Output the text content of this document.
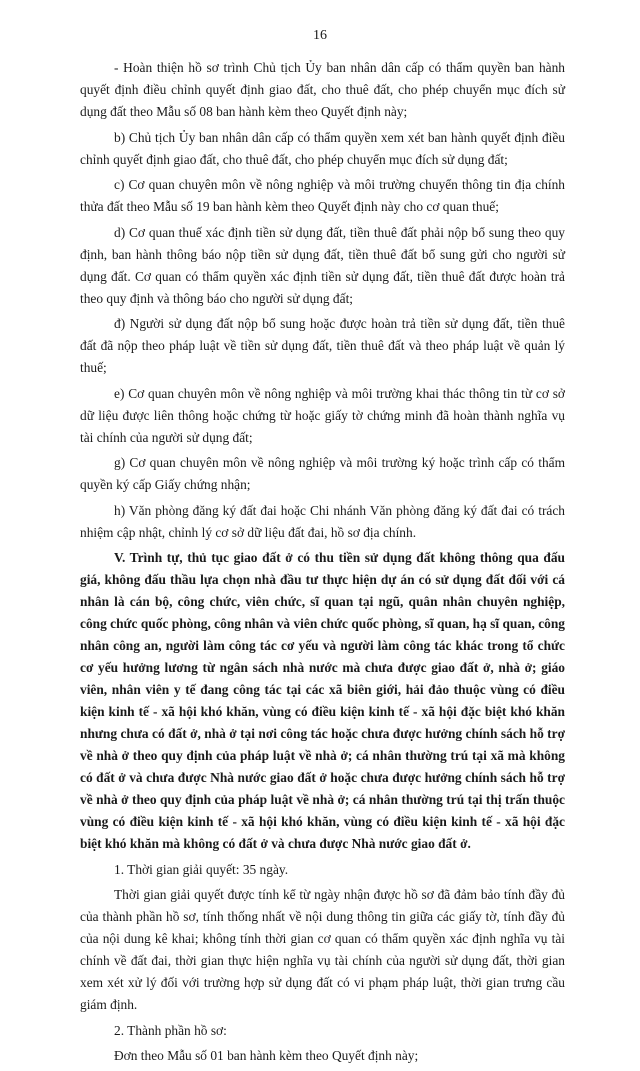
16

- Hoàn thiện hồ sơ trình Chủ tịch Ủy ban nhân dân cấp có thẩm quyền ban hành quyết định điều chỉnh quyết định giao đất, cho thuê đất, cho phép chuyển mục đích sử dụng đất theo Mẫu số 08 ban hành kèm theo Quyết định này;

b) Chủ tịch Ủy ban nhân dân cấp có thẩm quyền xem xét ban hành quyết định điều chỉnh quyết định giao đất, cho thuê đất, cho phép chuyển mục đích sử dụng đất;

c) Cơ quan chuyên môn về nông nghiệp và môi trường chuyển thông tin địa chính thửa đất theo Mẫu số 19 ban hành kèm theo Quyết định này cho cơ quan thuế;

d) Cơ quan thuế xác định tiền sử dụng đất, tiền thuê đất phải nộp bổ sung theo quy định, ban hành thông báo nộp tiền sử dụng đất, tiền thuê đất bổ sung gửi cho người sử dụng đất. Cơ quan có thẩm quyền xác định tiền sử dụng đất, tiền thuê đất được hoàn trả theo quy định và thông báo cho người sử dụng đất;

đ) Người sử dụng đất nộp bổ sung hoặc được hoàn trả tiền sử dụng đất, tiền thuê đất đã nộp theo pháp luật về tiền sử dụng đất, tiền thuê đất và theo pháp luật về quản lý thuế;

e) Cơ quan chuyên môn về nông nghiệp và môi trường khai thác thông tin từ cơ sở dữ liệu được liên thông hoặc chứng từ hoặc giấy tờ chứng minh đã hoàn thành nghĩa vụ tài chính của người sử dụng đất;

g) Cơ quan chuyên môn về nông nghiệp và môi trường ký hoặc trình cấp có thẩm quyền ký cấp Giấy chứng nhận;

h) Văn phòng đăng ký đất đai hoặc Chi nhánh Văn phòng đăng ký đất đai có trách nhiệm cập nhật, chỉnh lý cơ sở dữ liệu đất đai, hồ sơ địa chính.

V. Trình tự, thủ tục giao đất ở có thu tiền sử dụng đất không thông qua đấu giá, không đấu thầu lựa chọn nhà đầu tư thực hiện dự án có sử dụng đất đối với cá nhân là cán bộ, công chức, viên chức, sĩ quan tại ngũ, quân nhân chuyên nghiệp, công chức quốc phòng, công nhân và viên chức quốc phòng, sĩ quan, hạ sĩ quan, công nhân công an, người làm công tác cơ yếu và người làm công tác khác trong tổ chức cơ yếu hưởng lương từ ngân sách nhà nước mà chưa được giao đất ở, nhà ở; giáo viên, nhân viên y tế đang công tác tại các xã biên giới, hải đảo thuộc vùng có điều kiện kinh tế - xã hội khó khăn, vùng có điều kiện kinh tế - xã hội đặc biệt khó khăn nhưng chưa có đất ở, nhà ở tại nơi công tác hoặc chưa được hưởng chính sách hỗ trợ về nhà ở theo quy định của pháp luật về nhà ở; cá nhân thường trú tại xã mà không có đất ở và chưa được Nhà nước giao đất ở hoặc chưa được hưởng chính sách hỗ trợ về nhà ở theo quy định của pháp luật về nhà ở; cá nhân thường trú tại thị trấn thuộc vùng có điều kiện kinh tế - xã hội khó khăn, vùng có điều kiện kinh tế - xã hội đặc biệt khó khăn mà không có đất ở và chưa được Nhà nước giao đất ở.

1. Thời gian giải quyết: 35 ngày.

Thời gian giải quyết được tính kể từ ngày nhận được hồ sơ đã đảm bảo tính đầy đủ của thành phần hồ sơ, tính thống nhất về nội dung thông tin giữa các giấy tờ, tính đầy đủ của nội dung kê khai; không tính thời gian cơ quan có thẩm quyền xác định nghĩa vụ tài chính về đất đai, thời gian thực hiện nghĩa vụ tài chính của người sử dụng đất, thời gian xem xét xử lý đối với trường hợp sử dụng đất có vi phạm pháp luật, thời gian trưng cầu giám định.

2. Thành phần hồ sơ:

Đơn theo Mẫu số 01 ban hành kèm theo Quyết định này;
